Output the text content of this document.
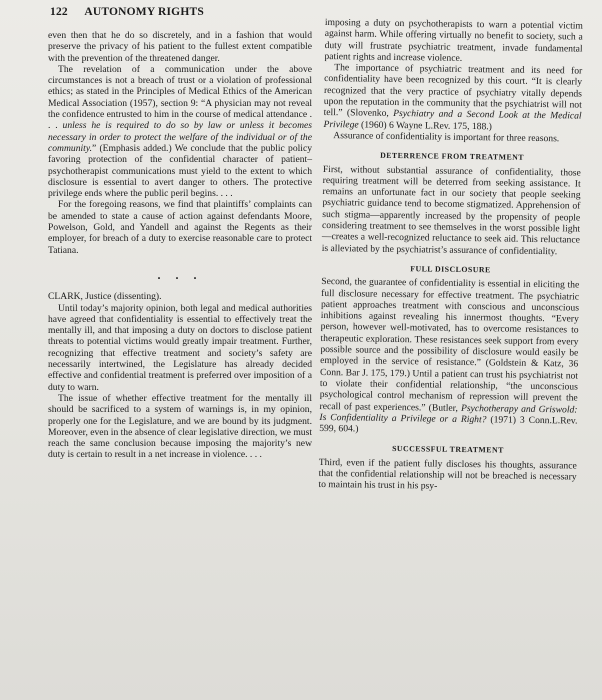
122 AUTONOMY RIGHTS

even then that he do so discretely, and in a fashion that would preserve the privacy of his patient to the fullest extent compatible with the prevention of the threatened danger.

The revelation of a communication under the above circumstances is not a breach of trust or a violation of professional ethics; as stated in the Principles of Medical Ethics of the American Medical Association (1957), section 9: “A physician may not reveal the confidence entrusted to him in the course of medical attendance . . . unless he is required to do so by law or unless it becomes necessary in order to protect the welfare of the individual or of the community.” (Emphasis added.) We conclude that the public policy favoring protection of the confidential character of patient–psychotherapist communications must yield to the extent to which disclosure is essential to avert danger to others. The protective privilege ends where the public peril begins. . . .

For the foregoing reasons, we find that plaintiffs’ complaints can be amended to state a cause of action against defendants Moore, Powelson, Gold, and Yandell and against the Regents as their employer, for breach of a duty to exercise reasonable care to protect Tatiana.

. . .

CLARK, Justice (dissenting).

Until today’s majority opinion, both legal and medical authorities have agreed that confidentiality is essential to effectively treat the mentally ill, and that imposing a duty on doctors to disclose patient threats to potential victims would greatly impair treatment. Further, recognizing that effective treatment and society’s safety are necessarily intertwined, the Legislature has already decided effective and confidential treatment is preferred over imposition of a duty to warn.

The issue of whether effective treatment for the mentally ill should be sacrificed to a system of warnings is, in my opinion, properly one for the Legislature, and we are bound by its judgment. Moreover, even in the absence of clear legislative direction, we must reach the same conclusion because imposing the majority’s new duty is certain to result in a net increase in violence. . . .

imposing a duty on psychotherapists to warn a potential victim against harm. While offering virtually no benefit to society, such a duty will frustrate psychiatric treatment, invade fundamental patient rights and increase violence.

The importance of psychiatric treatment and its need for confidentiality have been recognized by this court. “It is clearly recognized that the very practice of psychiatry vitally depends upon the reputation in the community that the psychiatrist will not tell.” (Slovenko, Psychiatry and a Second Look at the Medical Privilege (1960) 6 Wayne L.Rev. 175, 188.)

Assurance of confidentiality is important for three reasons.

DETERRENCE FROM TREATMENT

First, without substantial assurance of confidentiality, those requiring treatment will be deterred from seeking assistance. It remains an unfortunate fact in our society that people seeking psychiatric guidance tend to become stigmatized. Apprehension of such stigma—apparently increased by the propensity of people considering treatment to see themselves in the worst possible light—creates a well-recognized reluctance to seek aid. This reluctance is alleviated by the psychiatrist’s assurance of confidentiality.

FULL DISCLOSURE

Second, the guarantee of confidentiality is essential in eliciting the full disclosure necessary for effective treatment. The psychiatric patient approaches treatment with conscious and unconscious inhibitions against revealing his innermost thoughts. “Every person, however well-motivated, has to overcome resistances to therapeutic exploration. These resistances seek support from every possible source and the possibility of disclosure would easily be employed in the service of resistance.” (Goldstein & Katz, 36 Conn. Bar J. 175, 179.) Until a patient can trust his psychiatrist not to violate their confidential relationship, “the unconscious psychological control mechanism of repression will prevent the recall of past experiences.” (Butler, Psychotherapy and Griswold: Is Confidentiality a Privilege or a Right? (1971) 3 Conn.L.Rev. 599, 604.)

SUCCESSFUL TREATMENT

Third, even if the patient fully discloses his thoughts, assurance that the confidential relationship will not be breached is necessary to maintain his trust in his psy-
